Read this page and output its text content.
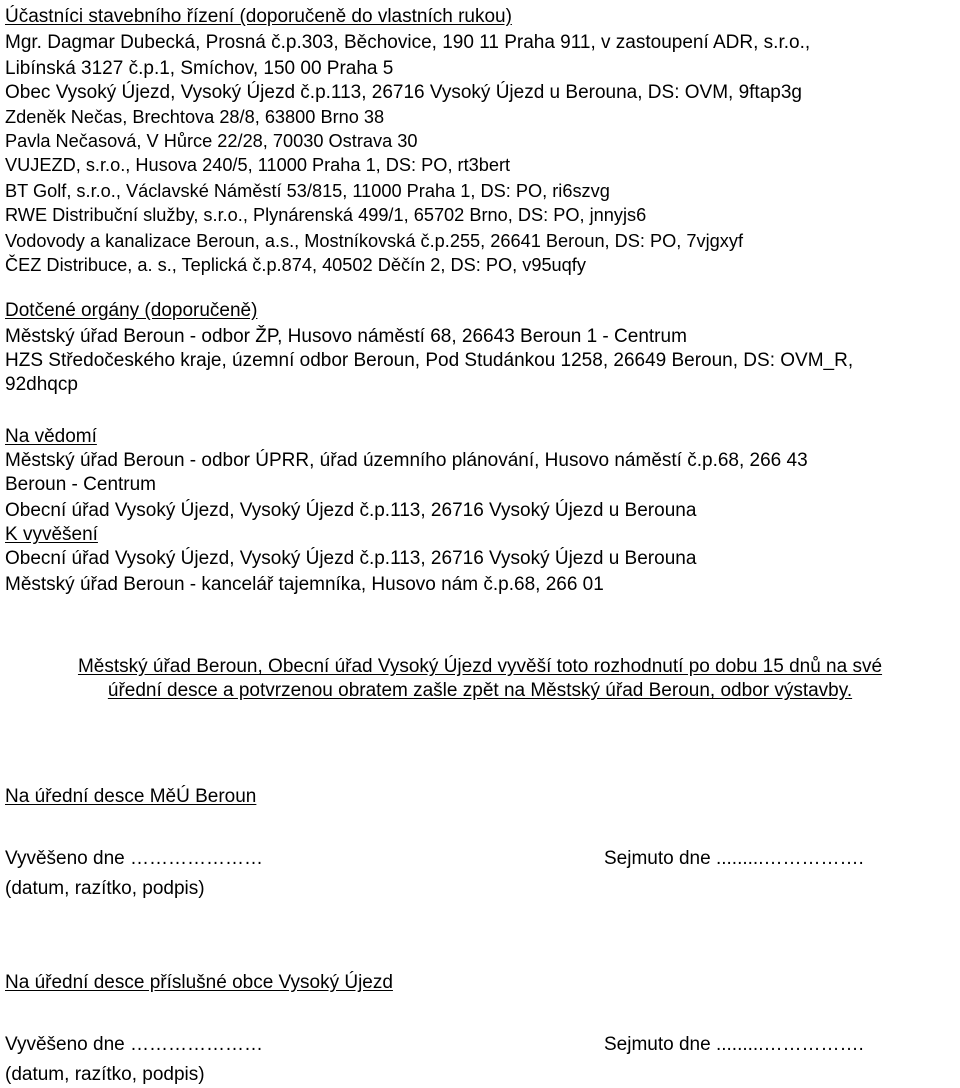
Účastníci stavebního řízení (doporučeně do vlastních rukou)
Mgr. Dagmar Dubecká, Prosná č.p.303, Běchovice, 190 11 Praha 911, v zastoupení ADR, s.r.o.,
Libínská 3127 č.p.1, Smíchov, 150 00 Praha 5
Obec Vysoký Újezd, Vysoký Újezd č.p.113, 26716 Vysoký Újezd u Berouna, DS: OVM, 9ftap3g
Zdeněk Nečas, Brechtova 28/8, 63800 Brno 38
Pavla Nečasová, V Hůrce 22/28, 70030 Ostrava 30
VUJEZD, s.r.o., Husova 240/5, 11000 Praha 1, DS: PO, rt3bert
BT Golf, s.r.o., Václavské Náměstí 53/815, 11000 Praha 1, DS: PO, ri6szvg
RWE Distribuční služby, s.r.o., Plynárenská 499/1, 65702 Brno, DS: PO, jnnyjs6
Vodovody a kanalizace Beroun, a.s., Mostníkovská č.p.255, 26641 Beroun, DS: PO, 7vjgxyf
ČEZ Distribuce, a. s., Teplická č.p.874, 40502 Děčín 2, DS: PO, v95uqfy
Dotčené orgány (doporučeně)
Městský úřad Beroun - odbor ŽP, Husovo náměstí 68, 26643 Beroun 1 - Centrum
HZS Středočeského kraje, územní odbor Beroun, Pod Studánkou 1258, 26649 Beroun, DS: OVM_R,
92dhqcp
Na vědomí
Městský úřad Beroun - odbor ÚPRR, úřad územního plánování, Husovo náměstí č.p.68, 266 43
Beroun - Centrum
Obecní úřad Vysoký Újezd, Vysoký Újezd č.p.113, 26716 Vysoký Újezd u Berouna
K vyvěšení
Obecní úřad Vysoký Újezd, Vysoký Újezd č.p.113, 26716 Vysoký Újezd u Berouna
Městský úřad Beroun - kancelář tajemníka, Husovo nám č.p.68, 266 01
Městský úřad Beroun, Obecní úřad Vysoký Újezd vyvěší toto rozhodnutí po dobu 15 dnů na své
úřední desce a potvrzenou obratem zašle zpět na Městský úřad Beroun, odbor výstavby.
Na úřední desce MěÚ Beroun
Vyvěšeno dne …………………	Sejmuto dne .........…………….
(datum, razítko, podpis)
Na úřední desce příslušné obce Vysoký Újezd
Vyvěšeno dne …………………	Sejmuto dne .........…………….
(datum, razítko, podpis)
